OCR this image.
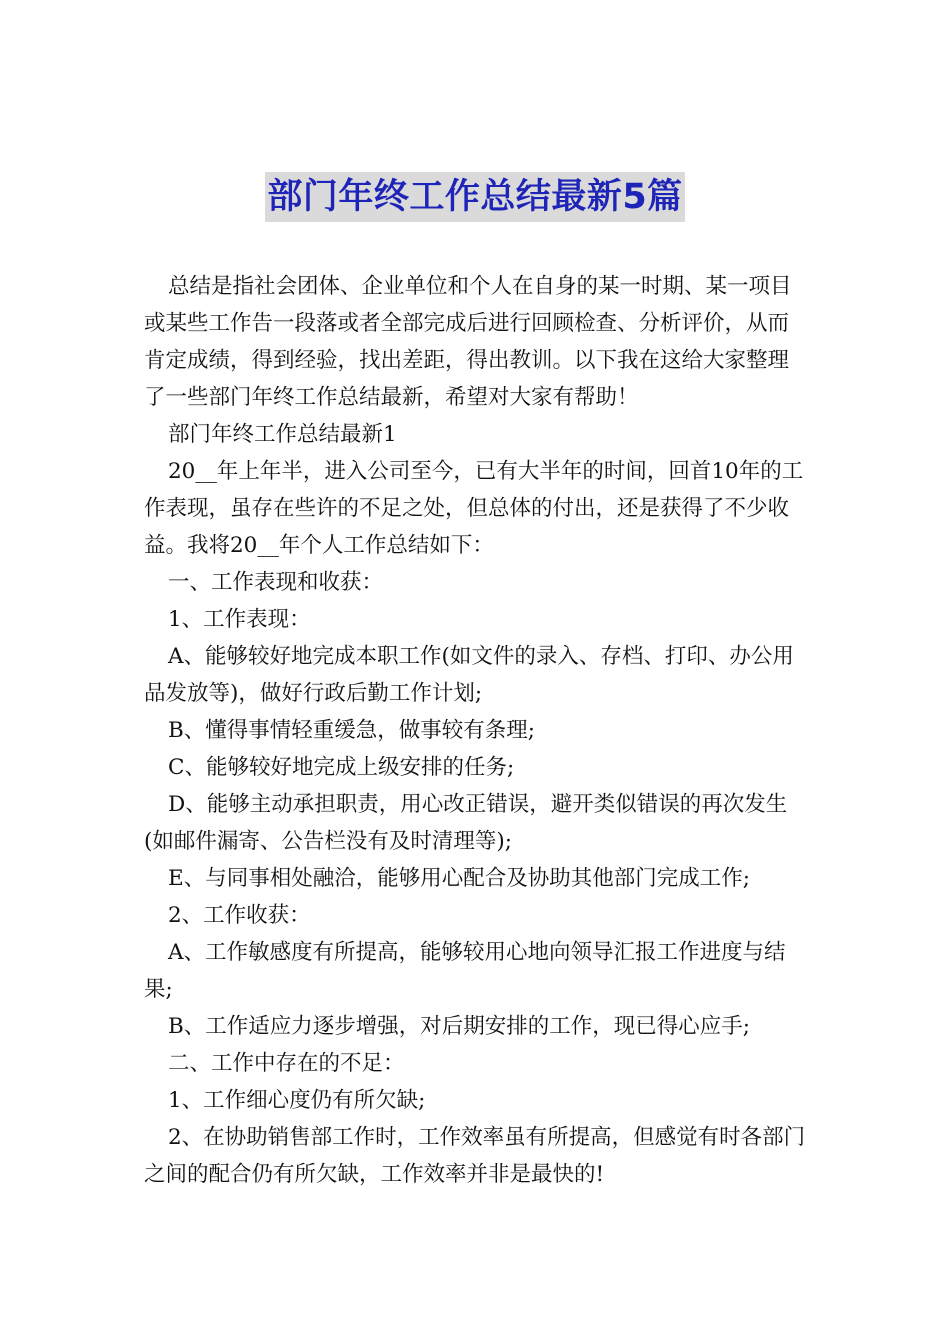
部门年终工作总结最新5篇

总结是指社会团体、企业单位和个人在自身的某一时期、某一项目或某些工作告一段落或者全部完成后进行回顾检查、分析评价，从而肯定成绩，得到经验，找出差距，得出教训。以下我在这给大家整理了一些部门年终工作总结最新，希望对大家有帮助！

部门年终工作总结最新1

20__年上年半，进入公司至今，已有大半年的时间，回首10年的工作表现，虽存在些许的不足之处，但总体的付出，还是获得了不少收益。我将20__年个人工作总结如下：

一、工作表现和收获：

1、工作表现：

A、能够较好地完成本职工作(如文件的录入、存档、打印、办公用品发放等)，做好行政后勤工作计划;

B、懂得事情轻重缓急，做事较有条理;

C、能够较好地完成上级安排的任务;

D、能够主动承担职责，用心改正错误，避开类似错误的再次发生(如邮件漏寄、公告栏没有及时清理等);

E、与同事相处融洽，能够用心配合及协助其他部门完成工作;

2、工作收获：

A、工作敏感度有所提高，能够较用心地向领导汇报工作进度与结果;

B、工作适应力逐步增强，对后期安排的工作，现已得心应手;

二、工作中存在的不足：

1、工作细心度仍有所欠缺;

2、在协助销售部工作时，工作效率虽有所提高，但感觉有时各部门之间的配合仍有所欠缺，工作效率并非是最快的!
